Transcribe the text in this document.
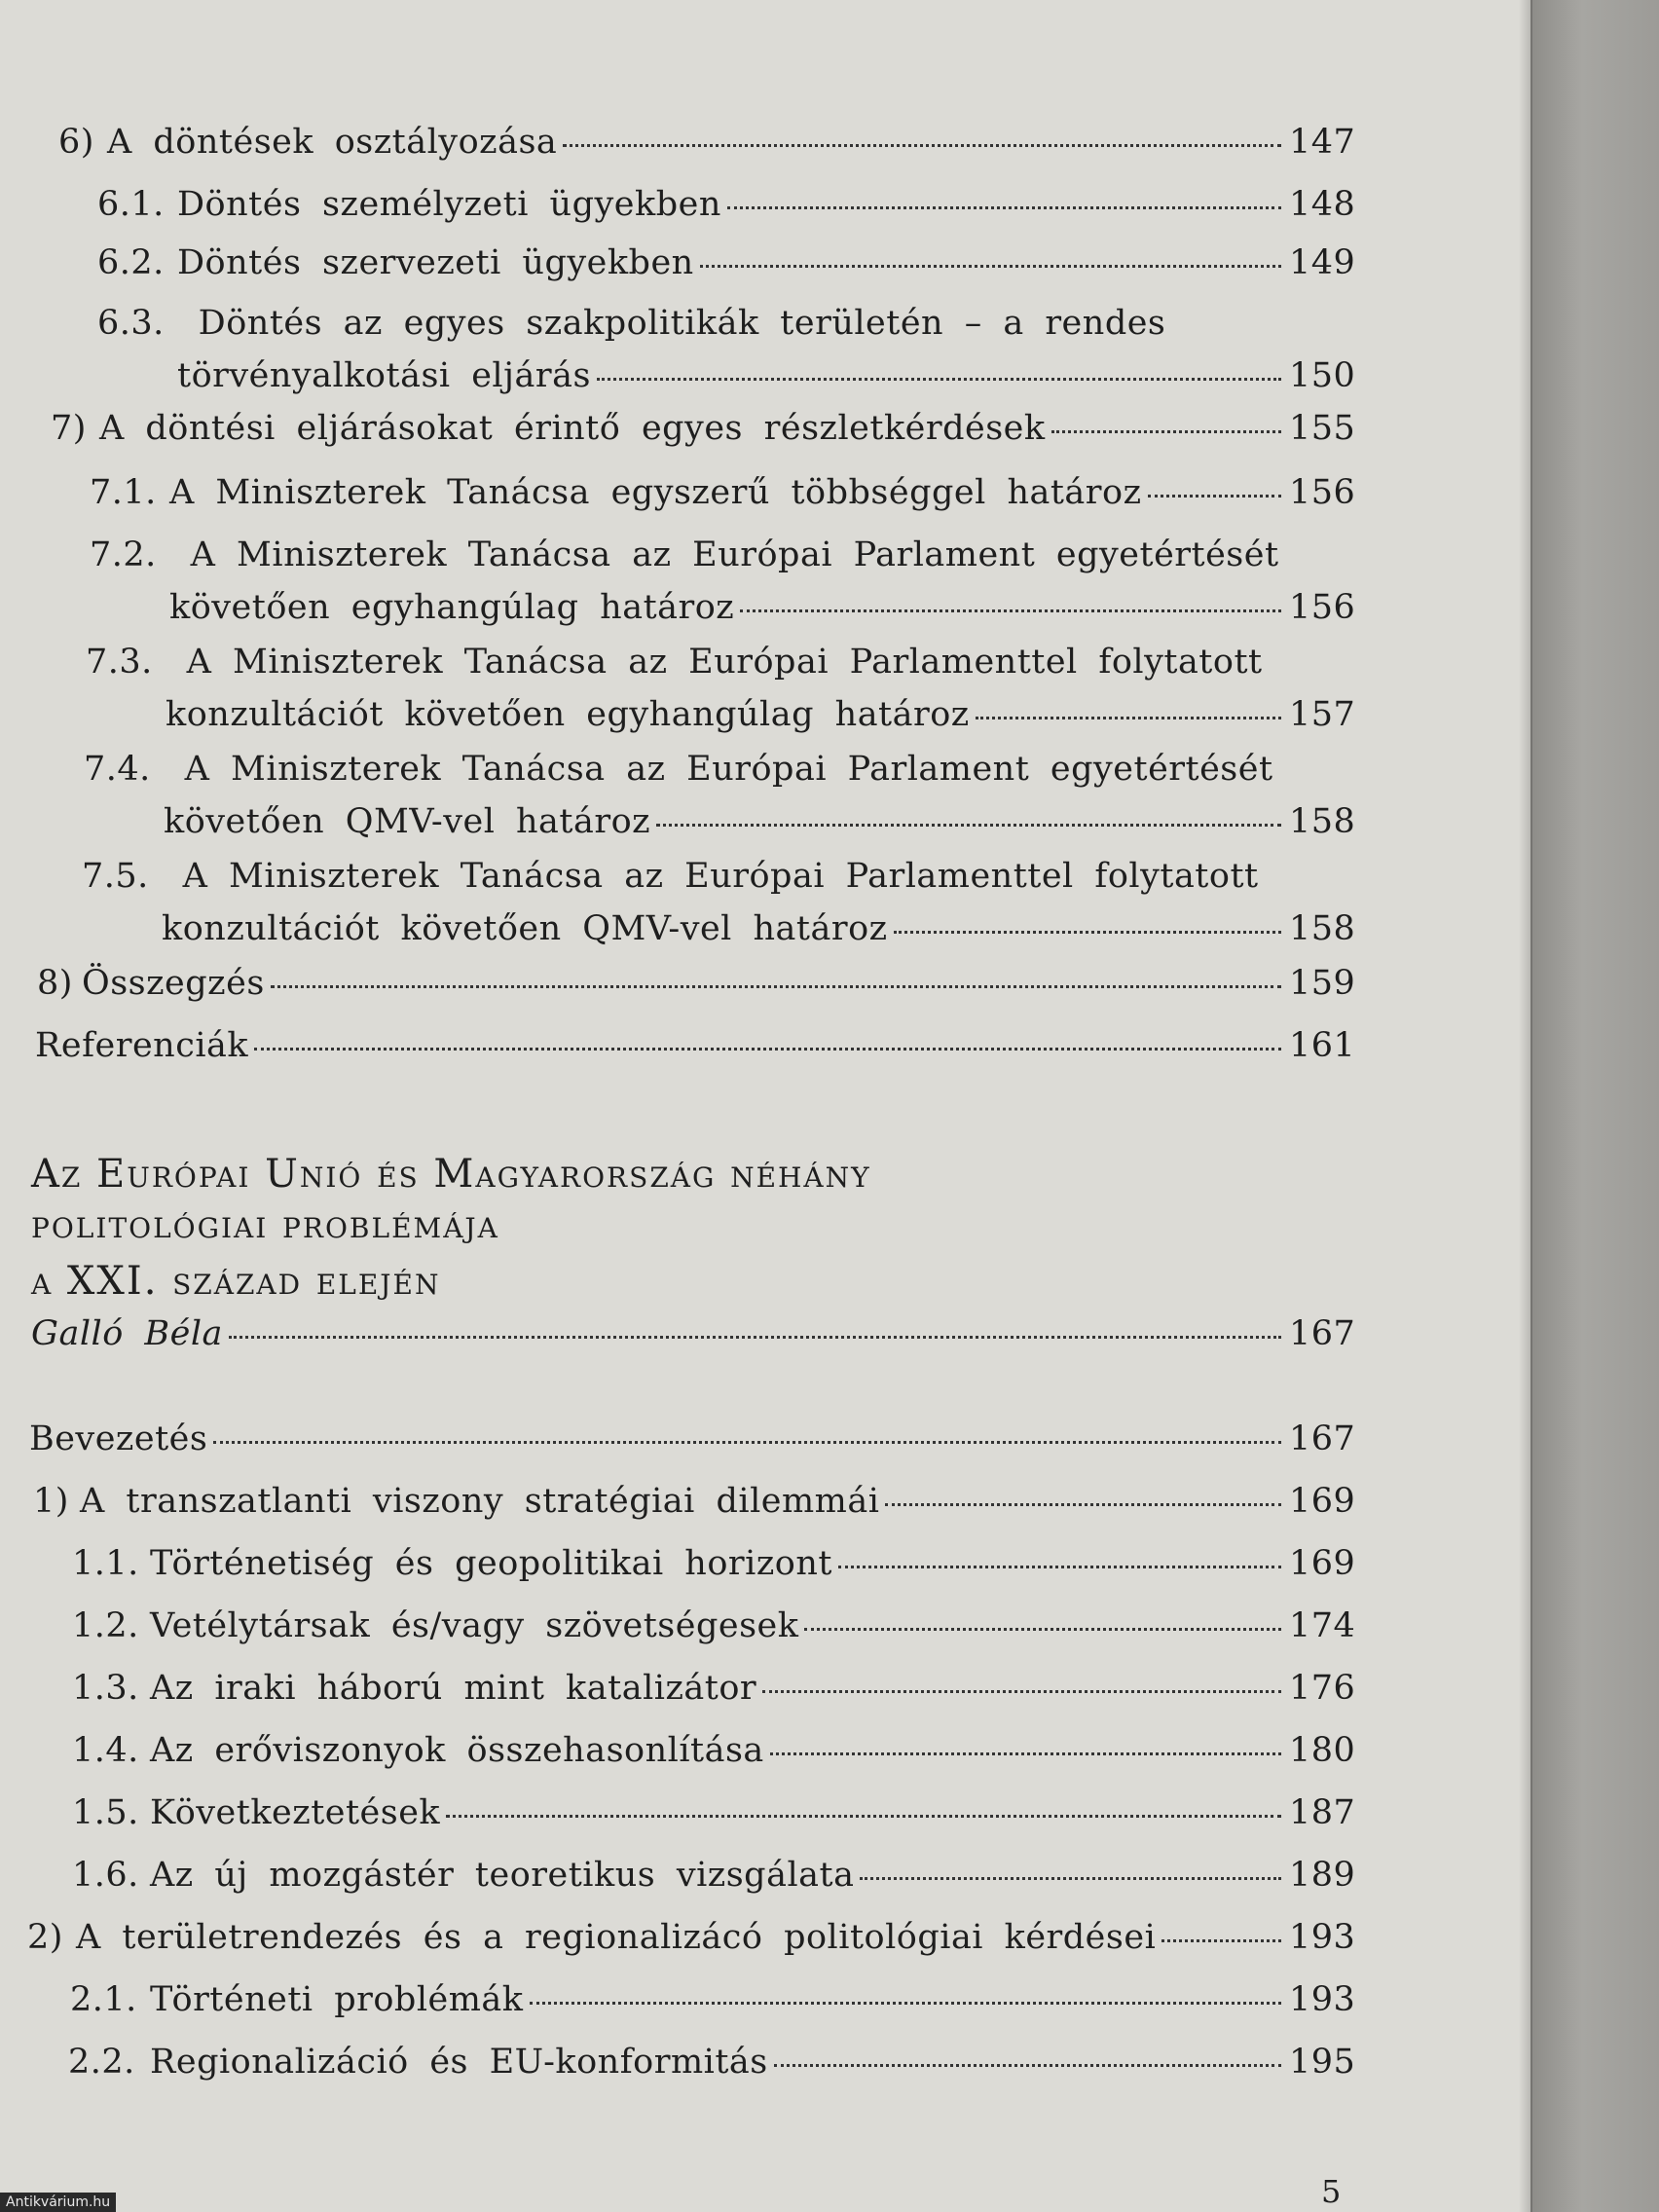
6) A döntések osztályozása	147
6.1. Döntés személyzeti ügyekben	148
6.2. Döntés szervezeti ügyekben	149
6.3. Döntés az egyes szakpolitikák területén – a rendes
törvényalkotási eljárás	150
7) A döntési eljárásokat érintő egyes részletkérdések	155
7.1. A Miniszterek Tanácsa egyszerű többséggel határoz	156
7.2. A Miniszterek Tanácsa az Európai Parlament egyetértését
követően egyhangúlag határoz	156
7.3. A Miniszterek Tanácsa az Európai Parlamenttel folytatott
konzultációt követően egyhangúlag határoz	157
7.4. A Miniszterek Tanácsa az Európai Parlament egyetértését
követően QMV-vel határoz	158
7.5. A Miniszterek Tanácsa az Európai Parlamenttel folytatott
konzultációt követően QMV-vel határoz	158
8) Összegzés	159
Referenciák	161
Az Európai Unió és Magyarország néhány
politológiai problémája
a XXI. század elején
Galló Béla	167
Bevezetés	167
1) A transzatlanti viszony stratégiai dilemmái	169
1.1. Történetiség és geopolitikai horizont	169
1.2. Vetélytársak és/vagy szövetségesek	174
1.3. Az iraki háború mint katalizátor	176
1.4. Az erőviszonyok összehasonlítása	180
1.5. Következtetések	187
1.6. Az új mozgástér teoretikus vizsgálata	189
2) A területrendezés és a regionalizácó politológiai kérdései	193
2.1. Történeti problémák	193
2.2. Regionalizáció és EU-konformitás	195
5
Antikvárium.hu
